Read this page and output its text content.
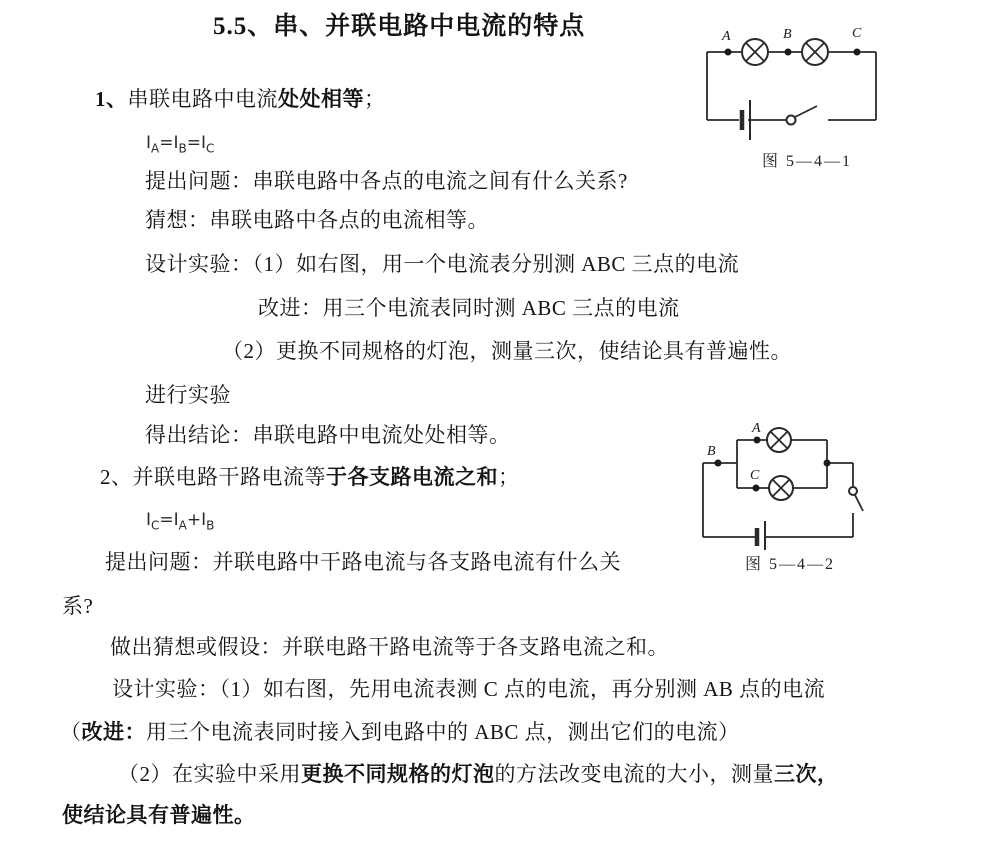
5.5、串、并联电路中电流的特点
1、串联电路中电流处处相等；
$I_A=I_B=I_C$
提出问题：串联电路中各点的电流之间有什么关系?
猜想：串联电路中各点的电流相等。
设计实验：（1）如右图，用一个电流表分别测 ABC 三点的电流
改进：用三个电流表同时测 ABC 三点的电流
（2）更换不同规格的灯泡，测量三次，使结论具有普遍性。
进行实验
得出结论：串联电路中电流处处相等。
2、并联电路干路电流等于各支路电流之和；
$I_C=I_A+I_B$
提出问题：并联电路中干路电流与各支路电流有什么关
系?
做出猜想或假设：并联电路干路电流等于各支路电流之和。
设计实验：（1）如右图，先用电流表测 C 点的电流，再分别测 AB 点的电流
（改进：用三个电流表同时接入到电路中的 ABC 点，测出它们的电流）
（2）在实验中采用更换不同规格的灯泡的方法改变电流的大小，测量三次，
使结论具有普遍性。
A	B	C
图 5—4—1
A
B
C
图 5—4—2
